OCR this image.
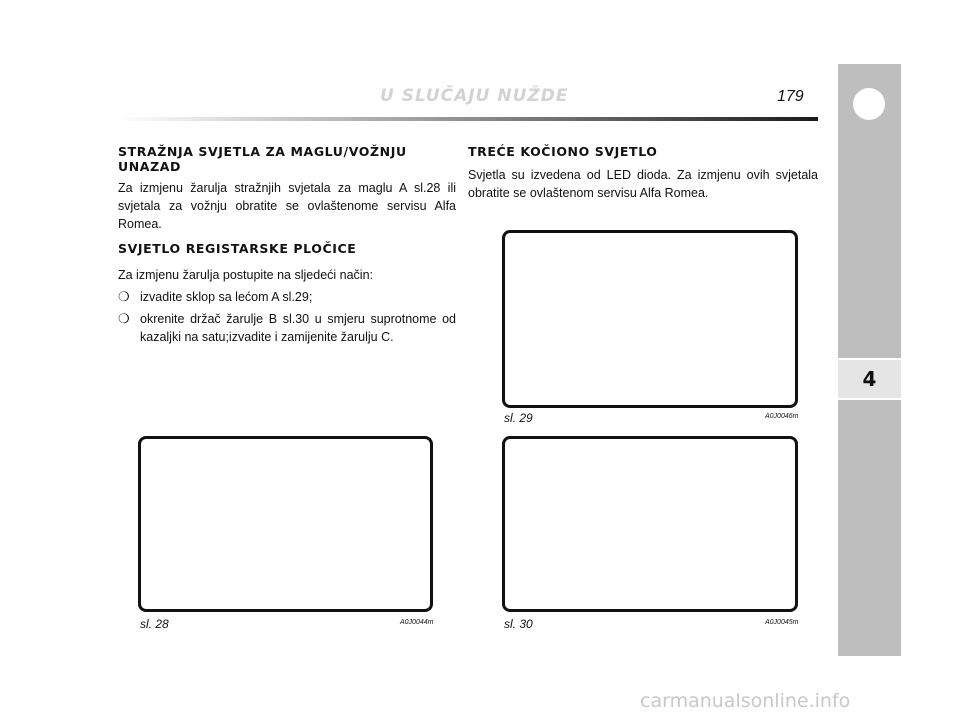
U SLUČAJU NUŽDE	179
4
STRAŽNJA SVJETLA ZA MAGLU/VOŽNJU UNAZAD

Za izmjenu žarulja stražnjih svjetala za maglu A sl.28 ili svjetala za vožnju obratite se ovlaštenome servisu Alfa Romea.

SVJETLO REGISTARSKE PLOČICE

Za izmjenu žarulja postupite na sljedeći način:

❍ izvadite sklop sa lećom A sl.29;
❍ okrenite držač žarulje B sl.30 u smjeru suprotnome od kazaljki na satu;izvadite i zamijenite žarulju C.
sl. 28	A0J0044m
TREĆE KOČIONO SVJETLO

Svjetla su izvedena od LED dioda. Za izmjenu ovih svjetala obratite se ovlaštenom servisu Alfa Romea.

sl. 29	A0J0046m
sl. 30	A0J0045m
carmanualsonline.info
